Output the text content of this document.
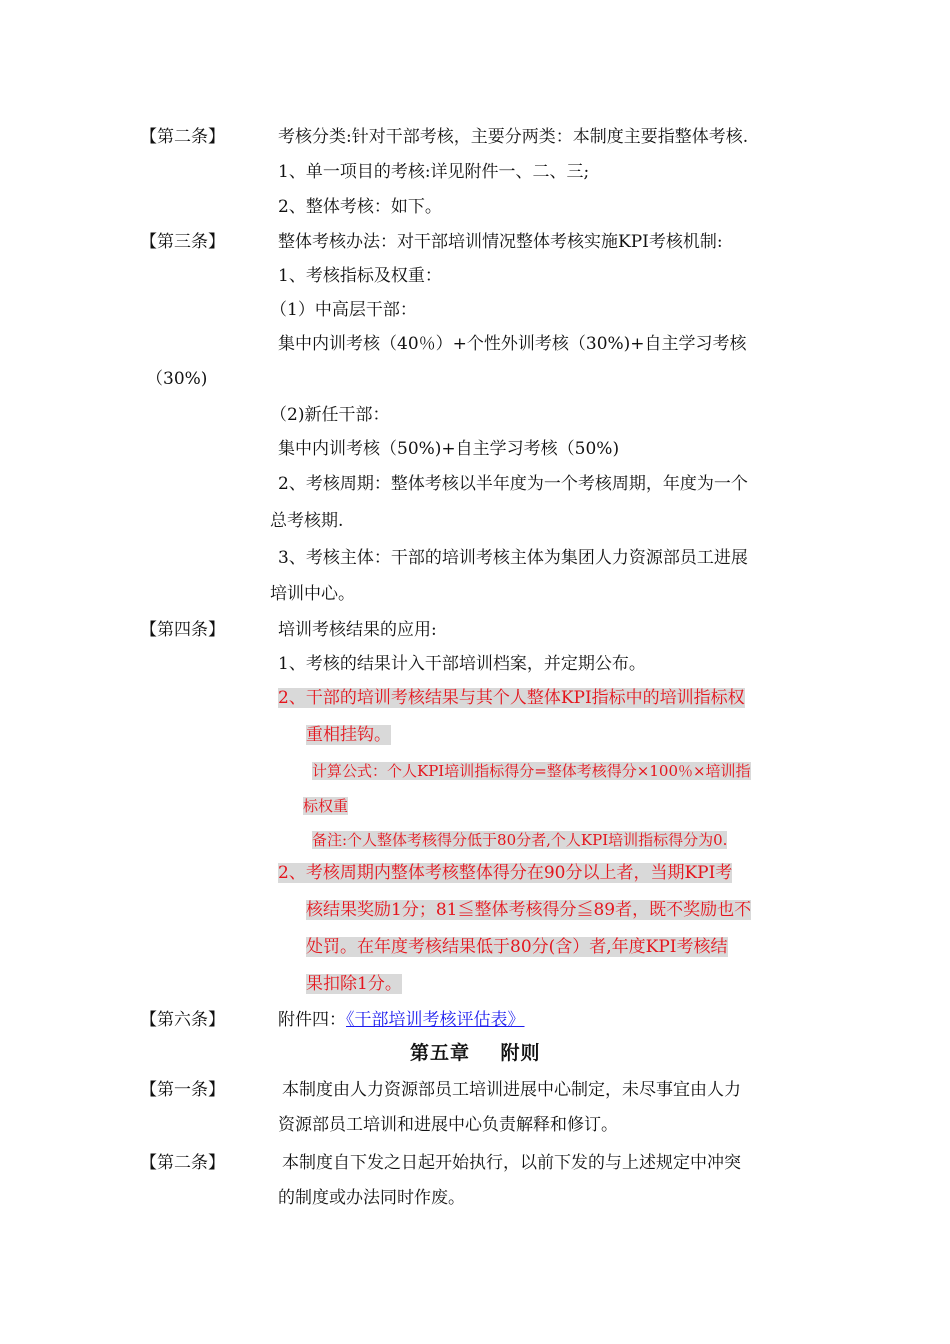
【第二条】	考核分类:针对干部考核，主要分两类：本制度主要指整体考核.
1、单一项目的考核:详见附件一、二、三;
2、整体考核：如下。
【第三条】	整体考核办法：对干部培训情况整体考核实施KPI考核机制:
1、考核指标及权重：
（1）中高层干部：
集中内训考核（40％）+个性外训考核（30%)+自主学习考核
（30%)
（2)新任干部：
集中内训考核（50%)+自主学习考核（50%)
2、考核周期：整体考核以半年度为一个考核周期，年度为一个
总考核期.
3、考核主体：干部的培训考核主体为集团人力资源部员工进展
培训中心。
【第四条】	培训考核结果的应用:
1、考核的结果计入干部培训档案，并定期公布。
2、干部的培训考核结果与其个人整体KPI指标中的培训指标权
重相挂钩。
计算公式：个人KPI培训指标得分=整体考核得分×100％×培训指
标权重
备注:个人整体考核得分低于80分者,个人KPI培训指标得分为0.
2、考核周期内整体考核整体得分在90分以上者，当期KPI考
核结果奖励1分；81≦整体考核得分≦89者，既不奖励也不
处罚。在年度考核结果低于80分(含）者,年度KPI考核结
果扣除1分。
【第六条】	附件四：《干部培训考核评估表》
第五章    附则
【第一条】	本制度由人力资源部员工培训进展中心制定，未尽事宜由人力
资源部员工培训和进展中心负责解释和修订。
【第二条】	本制度自下发之日起开始执行，以前下发的与上述规定中冲突
的制度或办法同时作废。
